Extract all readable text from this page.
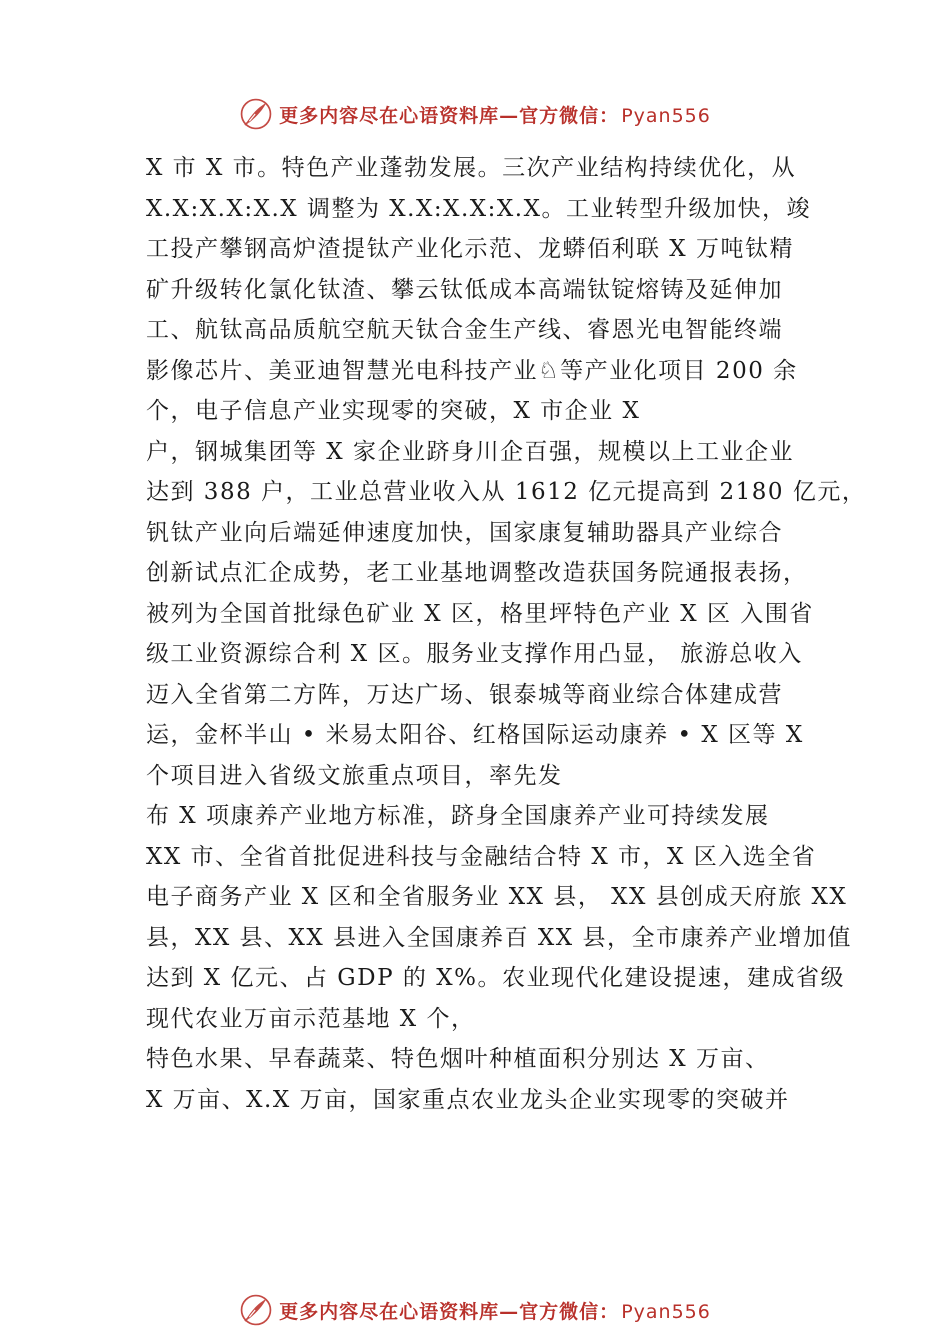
更多内容尽在心语资料库—官方微信： Pyan556
X 市 X 市。特色产业蓬勃发展。三次产业结构持续优化，从
X.X:X.X:X.X 调整为 X.X:X.X:X.X。工业转型升级加快，竣
工投产攀钢高炉渣提钛产业化示范、龙蟒佰利联 X 万吨钛精
矿升级转化氯化钛渣、攀云钛低成本高端钛锭熔铸及延伸加
工、航钛高品质航空航天钛合金生产线、睿恩光电智能终端
影像芯片、美亚迪智慧光电科技产业♘等产业化项目 200 余
个，电子信息产业实现零的突破，X 市企业 X
户，钢城集团等 X 家企业跻身川企百强，规模以上工业企业
达到 388 户，工业总营业收入从 1612 亿元提高到 2180 亿元，
钒钛产业向后端延伸速度加快，国家康复辅助器具产业综合
创新试点汇企成势，老工业基地调整改造获国务院通报表扬，
被列为全国首批绿色矿业 X 区，格里坪特色产业 X 区 入围省
级工业资源综合利 X 区。服务业支撑作用凸显， 旅游总收入
迈入全省第二方阵，万达广场、银泰城等商业综合体建成营
运，金杯半山 • 米易太阳谷、红格国际运动康养 • X 区等 X
个项目进入省级文旅重点项目，率先发
布 X 项康养产业地方标准，跻身全国康养产业可持续发展
XX 市、全省首批促进科技与金融结合特 X 市，X 区入选全省
电子商务产业 X 区和全省服务业 XX 县， XX 县创成天府旅 XX
县，XX 县、XX 县进入全国康养百 XX 县，全市康养产业增加值
达到 X 亿元、占 GDP 的 X%。农业现代化建设提速，建成省级
现代农业万亩示范基地 X 个，
特色水果、早春蔬菜、特色烟叶种植面积分别达 X 万亩、
X 万亩、X.X 万亩，国家重点农业龙头企业实现零的突破并
更多内容尽在心语资料库—官方微信： Pyan556
